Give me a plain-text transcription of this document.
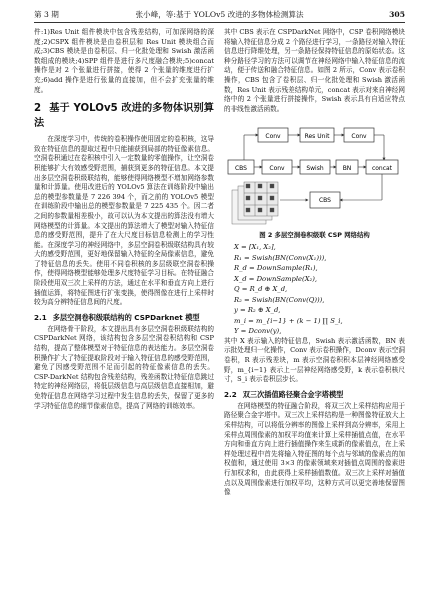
第 3 期	张小峰，等:基于 YOLOv5 改进的多物体检测算法	305

件:1)Res Unit 组件模块中包含残差结构，可加深网络的深度;2)CSPX 组件模块是由卷积层和 Res Unit 模块组合而成;3)CBS 模块是由卷积层、归一化批处理和 Swish 激活函数组成的模块;4)SPP 组件是进行多尺度融合模块;5)concat 操作是对 2 个张量进行拼接，使得 2 个张量的维度进行扩充;6)add 操作是进行张量的直接加，但不会扩充张量的维度。

2 基于 YOLOv5 改进的多物体识别算法

在深度学习中，传统的卷积操作使用固定的卷积核，这导致在特征信息的提取过程中只能捕获到局部的特征像素信息。空洞卷积通过在卷积核中引入一定数量的零值操作，让空洞卷积能够扩大有效感受野范围，捕获到更多的特征信息。本文提出多层空洞卷积级联结构，能够使得网络模型不增加网络参数量和计算量。使用改进后的 YOLOv5 算法在训练阶段中输出总的模型参数量是 7 226 394 个，而之前的 YOLOv5 模型在训练阶段中输出总的模型参数量是 7 225 435 个。因二者之间的参数量相差极小，故可以认为本文提出的算法没有增大网络模型的计算量。本文提出的算法增大了模型对输入特征信息的感受野范围，提升了在大尺度目标信息检测上的学习性能。在深度学习的神经网络中，多层空洞卷积级联结构具有较大的感受野范围，更好地保留输入特征的全局像素信息，避免了特征信息的丢失。使用不同卷积核的多层级联空洞卷积操作，使得网络模型能够处理多尺度特征学习目标。在特征融合阶段使用双三次上采样的方法，通过在水平和垂直方向上进行插值运算，将特征图进行扩张变换，使得图像在进行上采样时较为高分辨特征信息间的尺度。

2.1 多层空洞卷积级联结构的 CSPDarknet 模型

在网络骨干阶段，本文提出具有多层空洞卷积级联结构的 CSPDarkNet 网络，该结构包含多层空洞卷积结构和 CSP 结构，提高了整体模型对于特征信息的表达能力。多层空洞卷积操作扩大了特征提取阶段对于输入特征信息的感受野范围，避免了因感受野范围不足而引起的特征像素信息的丢失。CSP-DarkNet 结构包含残差结构，残差函数让特征信息跳过特定的神经网络层，将低层级信息与高层级信息直接相加，避免特征信息在网络学习过程中发生信息的丢失，保留了更多的学习特征信息的细节像素信息，提高了网络的训练效率。

其中 CBS 表示在 CSPDarkNet 网络中，CSP 卷积网络模块将输入特征信息分成 2 个路径进行学习，一条路径对输入特征信息进行降维处理，另一条路径保持特征信息的原始状态。这种分路径学习的方法可以调节在神经网络中输入特征信息的流动，便于传送和融合特征信息。如图 2 所示，Conv 表示卷积操作，CBS 包含了卷积层、归一化批处理和 Swish 激活函数，Res Unit 表示残差结构单元，concat 表示对来自神经网络中的 2 个张量进行拼接操作，Swish 表示具有自适应特点的非线性激活函数。

Conv	Res Unit	Conv
CBS	Conv	Swish	BN	concat
CBS
图 2 多层空洞卷积级联 CSP 网络结构
X = [X₁, X₂],
R₁ = Swish(BN(Conv(X₁))),
R_d = DownSample(R₁),
X_d = DownSample(X₂),
Q = R_d ⊕ X_d,
R₂ = Swish(BN(Conv(Q))),
y = R₂ ⊕ X_d,
m_i = m_{i−1} + (k − 1) ∏ S_i,
Y = Dconv(y),

其中 X 表示输入的特征信息，Swish 表示激活函数，BN 表示批处理归一化操作，Conv 表示卷积操作，Dconv 表示空洞卷积，R 表示残差块，m 表示空洞卷积积本层神经网络感受野，m_{i−1} 表示上一层神经网络感受野，k 表示卷积核尺寸，S_i 表示卷积层步长。

2.2 双三次插值路径聚合金字塔模型

在网络模型的特征融合阶段，将双三次上采样结构应用于路径聚合金字塔中。双三次上采样结构是一种图像特征放大上采样结构，可以将低分辨率的图像上采样到高分辨率，采用上采样点周围像素的加权平均值来计算上采样插值点值，在水平方向和垂直方向上进行插值操作来生成新的像素值点，在上采样处理过程中首先将输入特征图的每个点与邻域的像素点的加权值和，通过使用 3×3 的像素领域来对插值点周围的像素进行加权求和，由此获得上采样插值数值。双三次上采样对插值点以及周围像素进行加权平均，这种方式可以更完善地保留图像
